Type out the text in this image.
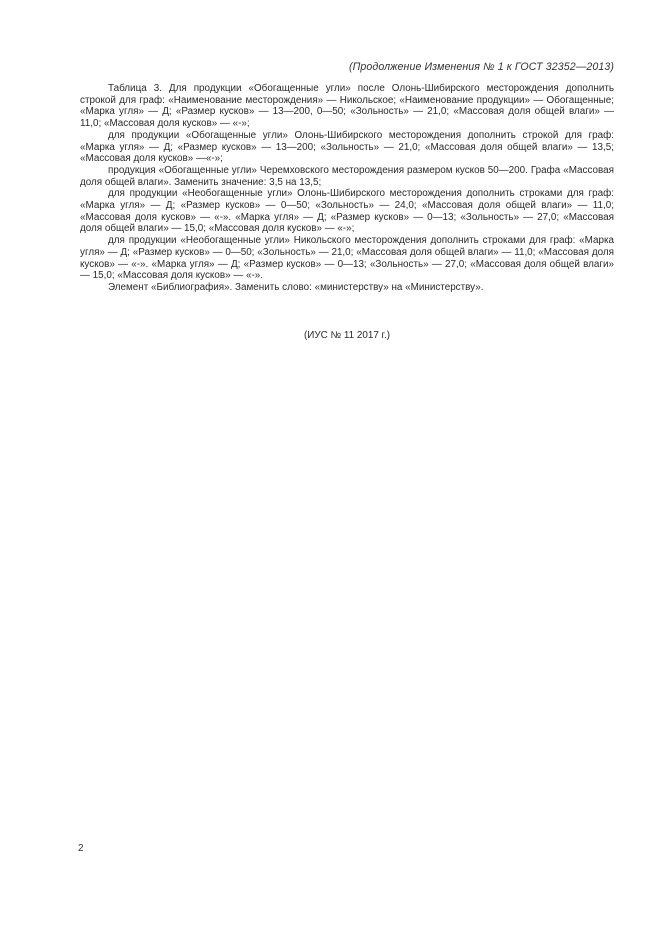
(Продолжение Изменения № 1 к ГОСТ 32352—2013)

Таблица 3. Для продукции «Обогащенные угли» после Олонь-Шибирского месторождения дополнить строкой для граф: «Наименование месторождения» — Никольское; «Наименование продукции» — Обогащенные; «Марка угля» — Д; «Размер кусков» — 13—200, 0—50; «Зольность» — 21,0; «Массовая доля общей влаги» — 11,0; «Массовая доля кусков» — «-»;

для продукции «Обогащенные угли» Олонь-Шибирского месторождения дополнить строкой для граф: «Марка угля» — Д; «Размер кусков» — 13—200; «Зольность» — 21,0; «Массовая доля общей влаги» — 13,5; «Массовая доля кусков» —«-»;

продукция «Обогащенные угли» Черемховского месторождения размером кусков 50—200. Графа «Массовая доля общей влаги». Заменить значение: 3,5 на 13,5;

для продукции «Необогащенные угли» Олонь-Шибирского месторождения дополнить строками для граф: «Марка угля» — Д; «Размер кусков» — 0—50; «Зольность» — 24,0; «Массовая доля общей влаги» — 11,0; «Массовая доля кусков» — «-». «Марка угля» — Д; «Размер кусков» — 0—13; «Зольность» — 27,0; «Массовая доля общей влаги» — 15,0; «Массовая доля кусков» — «-»;

для продукции «Необогащенные угли» Никольского месторождения дополнить строками для граф: «Марка угля» — Д; «Размер кусков» — 0—50; «Зольность» — 21,0; «Массовая доля общей влаги» — 11,0; «Массовая доля кусков» — «-». «Марка угля» — Д; «Размер кусков» — 0—13; «Зольность» — 27,0; «Массовая доля общей влаги» — 15,0; «Массовая доля кусков» — «-».

Элемент «Библиография». Заменить слово: «министерству» на «Министерству».

(ИУС № 11 2017 г.)
2
